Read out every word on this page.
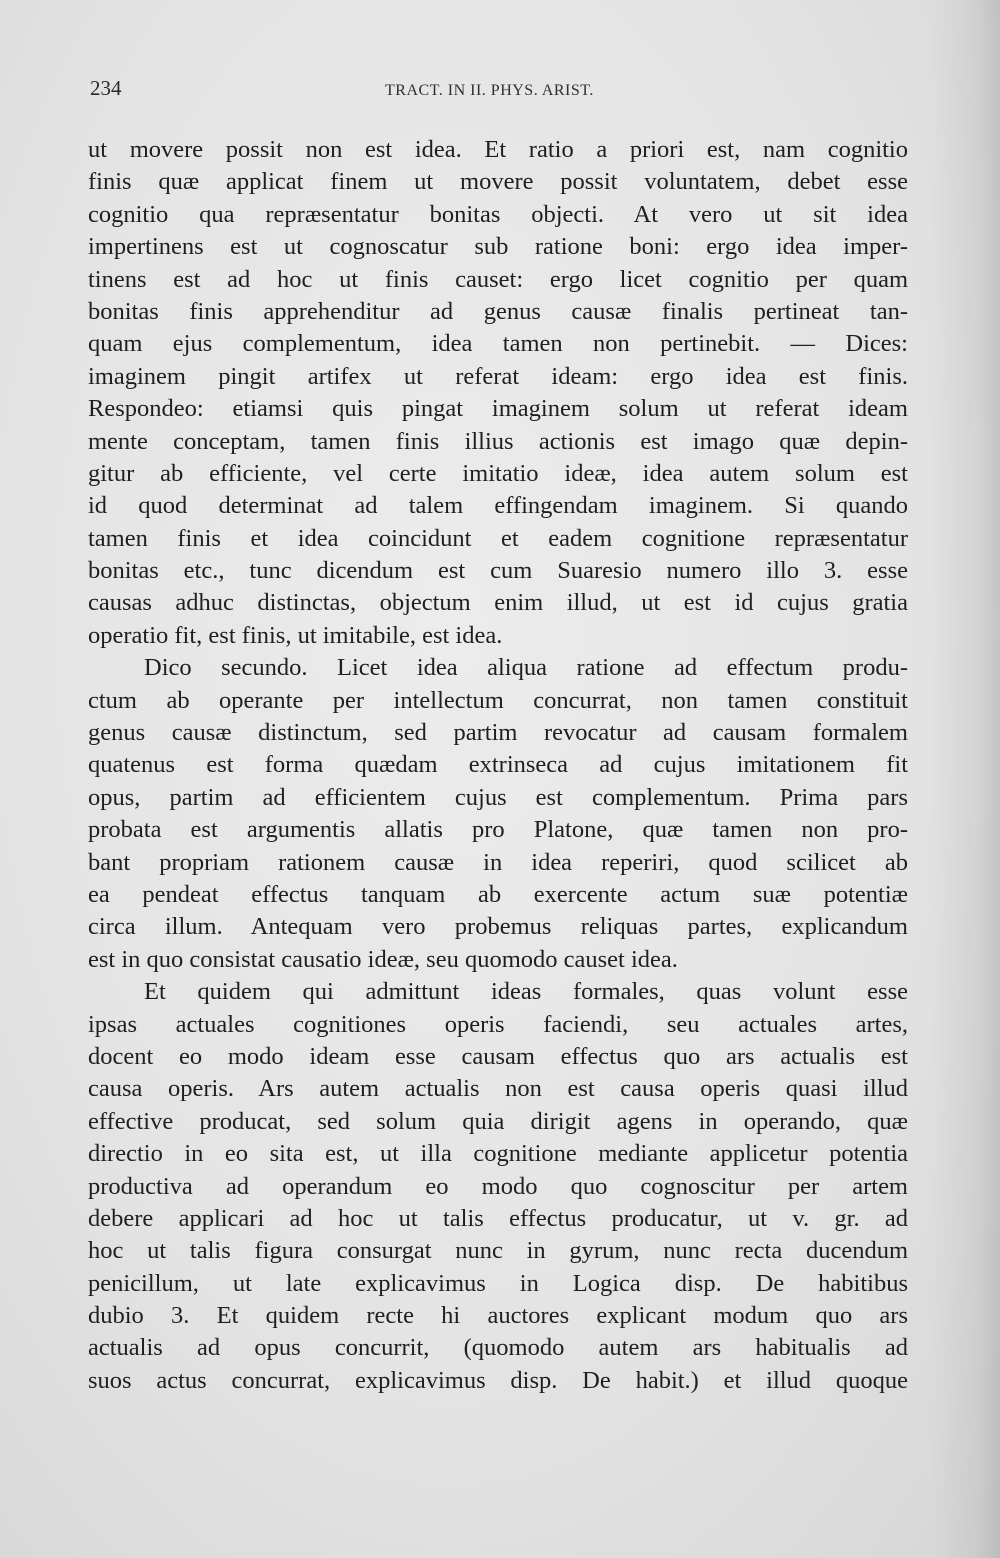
234	TRACT. IN II. PHYS. ARIST.
ut movere possit non est idea. Et ratio a priori est, nam cognitio
finis quæ applicat finem ut movere possit voluntatem, debet esse
cognitio qua repræsentatur bonitas objecti. At vero ut sit idea
impertinens est ut cognoscatur sub ratione boni: ergo idea imper-
tinens est ad hoc ut finis causet: ergo licet cognitio per quam
bonitas finis apprehenditur ad genus causæ finalis pertineat tan-
quam ejus complementum, idea tamen non pertinebit. — Dices:
imaginem pingit artifex ut referat ideam: ergo idea est finis.
Respondeo: etiamsi quis pingat imaginem solum ut referat ideam
mente conceptam, tamen finis illius actionis est imago quæ depin-
gitur ab efficiente, vel certe imitatio ideæ, idea autem solum est
id quod determinat ad talem effingendam imaginem. Si quando
tamen finis et idea coincidunt et eadem cognitione repræsentatur
bonitas etc., tunc dicendum est cum Suaresio numero illo 3. esse
causas adhuc distinctas, objectum enim illud, ut est id cujus gratia
operatio fit, est finis, ut imitabile, est idea.
Dico secundo. Licet idea aliqua ratione ad effectum produ-
ctum ab operante per intellectum concurrat, non tamen constituit
genus causæ distinctum, sed partim revocatur ad causam formalem
quatenus est forma quædam extrinseca ad cujus imitationem fit
opus, partim ad efficientem cujus est complementum. Prima pars
probata est argumentis allatis pro Platone, quæ tamen non pro-
bant propriam rationem causæ in idea reperiri, quod scilicet ab
ea pendeat effectus tanquam ab exercente actum suæ potentiæ
circa illum. Antequam vero probemus reliquas partes, explicandum
est in quo consistat causatio ideæ, seu quomodo causet idea.
Et quidem qui admittunt ideas formales, quas volunt esse
ipsas actuales cognitiones operis faciendi, seu actuales artes,
docent eo modo ideam esse causam effectus quo ars actualis est
causa operis. Ars autem actualis non est causa operis quasi illud
effective producat, sed solum quia dirigit agens in operando, quæ
directio in eo sita est, ut illa cognitione mediante applicetur potentia
productiva ad operandum eo modo quo cognoscitur per artem
debere applicari ad hoc ut talis effectus producatur, ut v. gr. ad
hoc ut talis figura consurgat nunc in gyrum, nunc recta ducendum
penicillum, ut late explicavimus in Logica disp. De habitibus
dubio 3. Et quidem recte hi auctores explicant modum quo ars
actualis ad opus concurrit, (quomodo autem ars habitualis ad
suos actus concurrat, explicavimus disp. De habit.) et illud quoque
